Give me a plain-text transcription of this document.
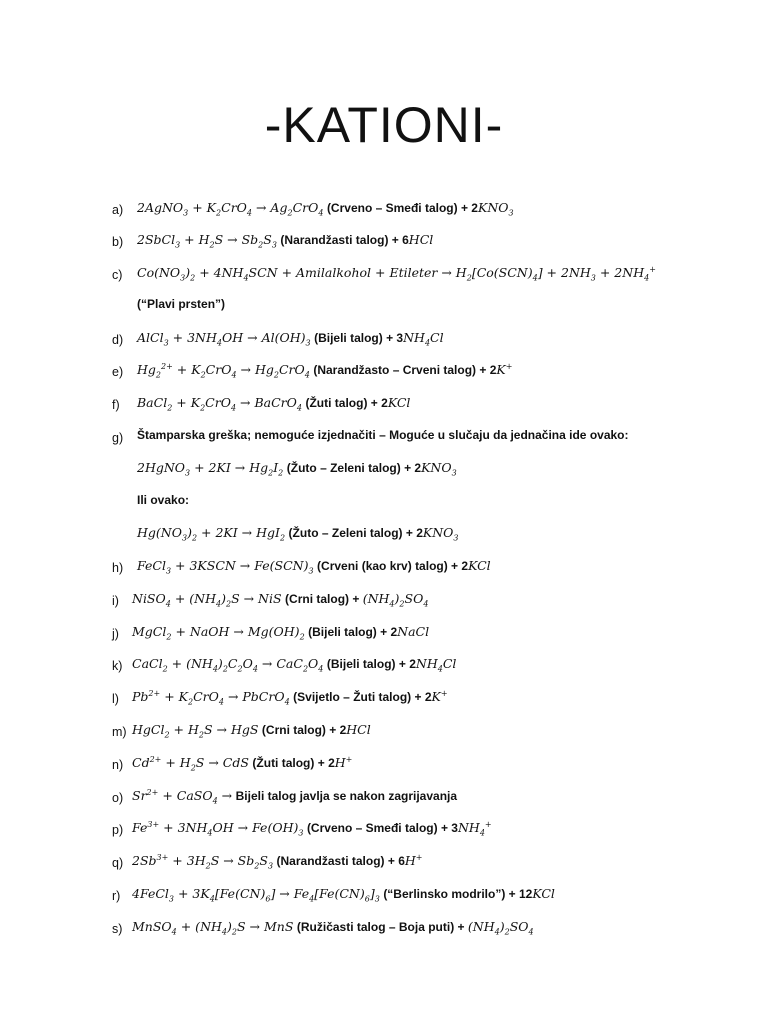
-KATIONI-
a) 2AgNO$_3$ + $K_2CrO_4 \to Ag_2CrO_4$ (Crveno – Smeđi $talog) + 2KNO_3$
b) 2SbCl$_3$ + $H_2S \to Sb_2S_3$ (Narandžasti talog) + 6HCl
c) $Co(NO_3)_2 + 4NH_4SCN$ + Amilalkohol + Etileter → $H_2[Co(SCN)_4] + 2NH_3 + 2NH_4^+$
(“Plavi prsten”)
d) AlCl$_3$ + $3NH_4OH \to Al(OH)_3$ (Bijeli $talog) + 3NH_4Cl$
e) $Hg_2^{2+} + K_2CrO_4 \to Hg_2CrO_4$ (Narandžasto – Crveni talog) + 2K+
f) BaCl$_2$ + $K_2CrO_4$ → BaCrO$_4$ (Žuti talog) + 2KCl
g) Štamparska greška; nemoguće izjednačiti – Moguće u slučaju da jednačina ide ovako:
2HgNO$_3$ + $2KI \to Hg_2I_2$ (Žuto – Zeleni $talog) + 2KNO_3$
Ili ovako:
$Hg(NO_3)_2 + 2KI \to HgI_2$ (Žuto – Zeleni $talog) + 2KNO_3$
h) FeCl$_3$ + 3KSCN → $Fe(SCN)_3$ (Crveni (kao krv) talog) + 2KCl
i) NiSO$_4$ + $(NH_4)_2S$ → NiS (Crni $talog) + (NH_4)_2SO_4$
j) MgCl$_2$ + NaOH → $Mg(OH)_2$ (Bijeli talog) + 2NaCl
k) CaCl$_2$ + $(NH_4)_2C_2O_4 \to CaC_2O_4$ (Bijeli $talog) + 2NH_4Cl$
l) $Pb^{2+} + K_2CrO_4$ → PbCrO$_4$ (Svijetlo – Žuti talog) + 2K+
m) HgCl$_2$ + $H_2S$ → HgS (Crni talog) + 2HCl
n) $Cd^{2+} + H_2S$ → CdS (Žuti talog) + 2H+
o) $Sr^{2+}$ + CaSO$_4$ → Bijeli talog javlja se nakon zagrijavanja
p) $Fe^{3+} + 3NH_4OH \to Fe(OH)_3$ (Crveno – Smeđi $talog) + 3NH_4^+$
q) $2Sb^{3+} + 3H_2S \to Sb_2S_3$ (Narandžasti talog) + 6H+
r) 4FeCl$_3$ + $3K_4[Fe(CN)_6] \to Fe_4[Fe(CN)_6]_3$ (“Berlinsko modrilo”) + 12KCl
s) MnSO$_4$ + $(NH_4)_2S$ → MnS (Ružičasti talog – Boja puti) + $(NH_4)_2SO_4$
